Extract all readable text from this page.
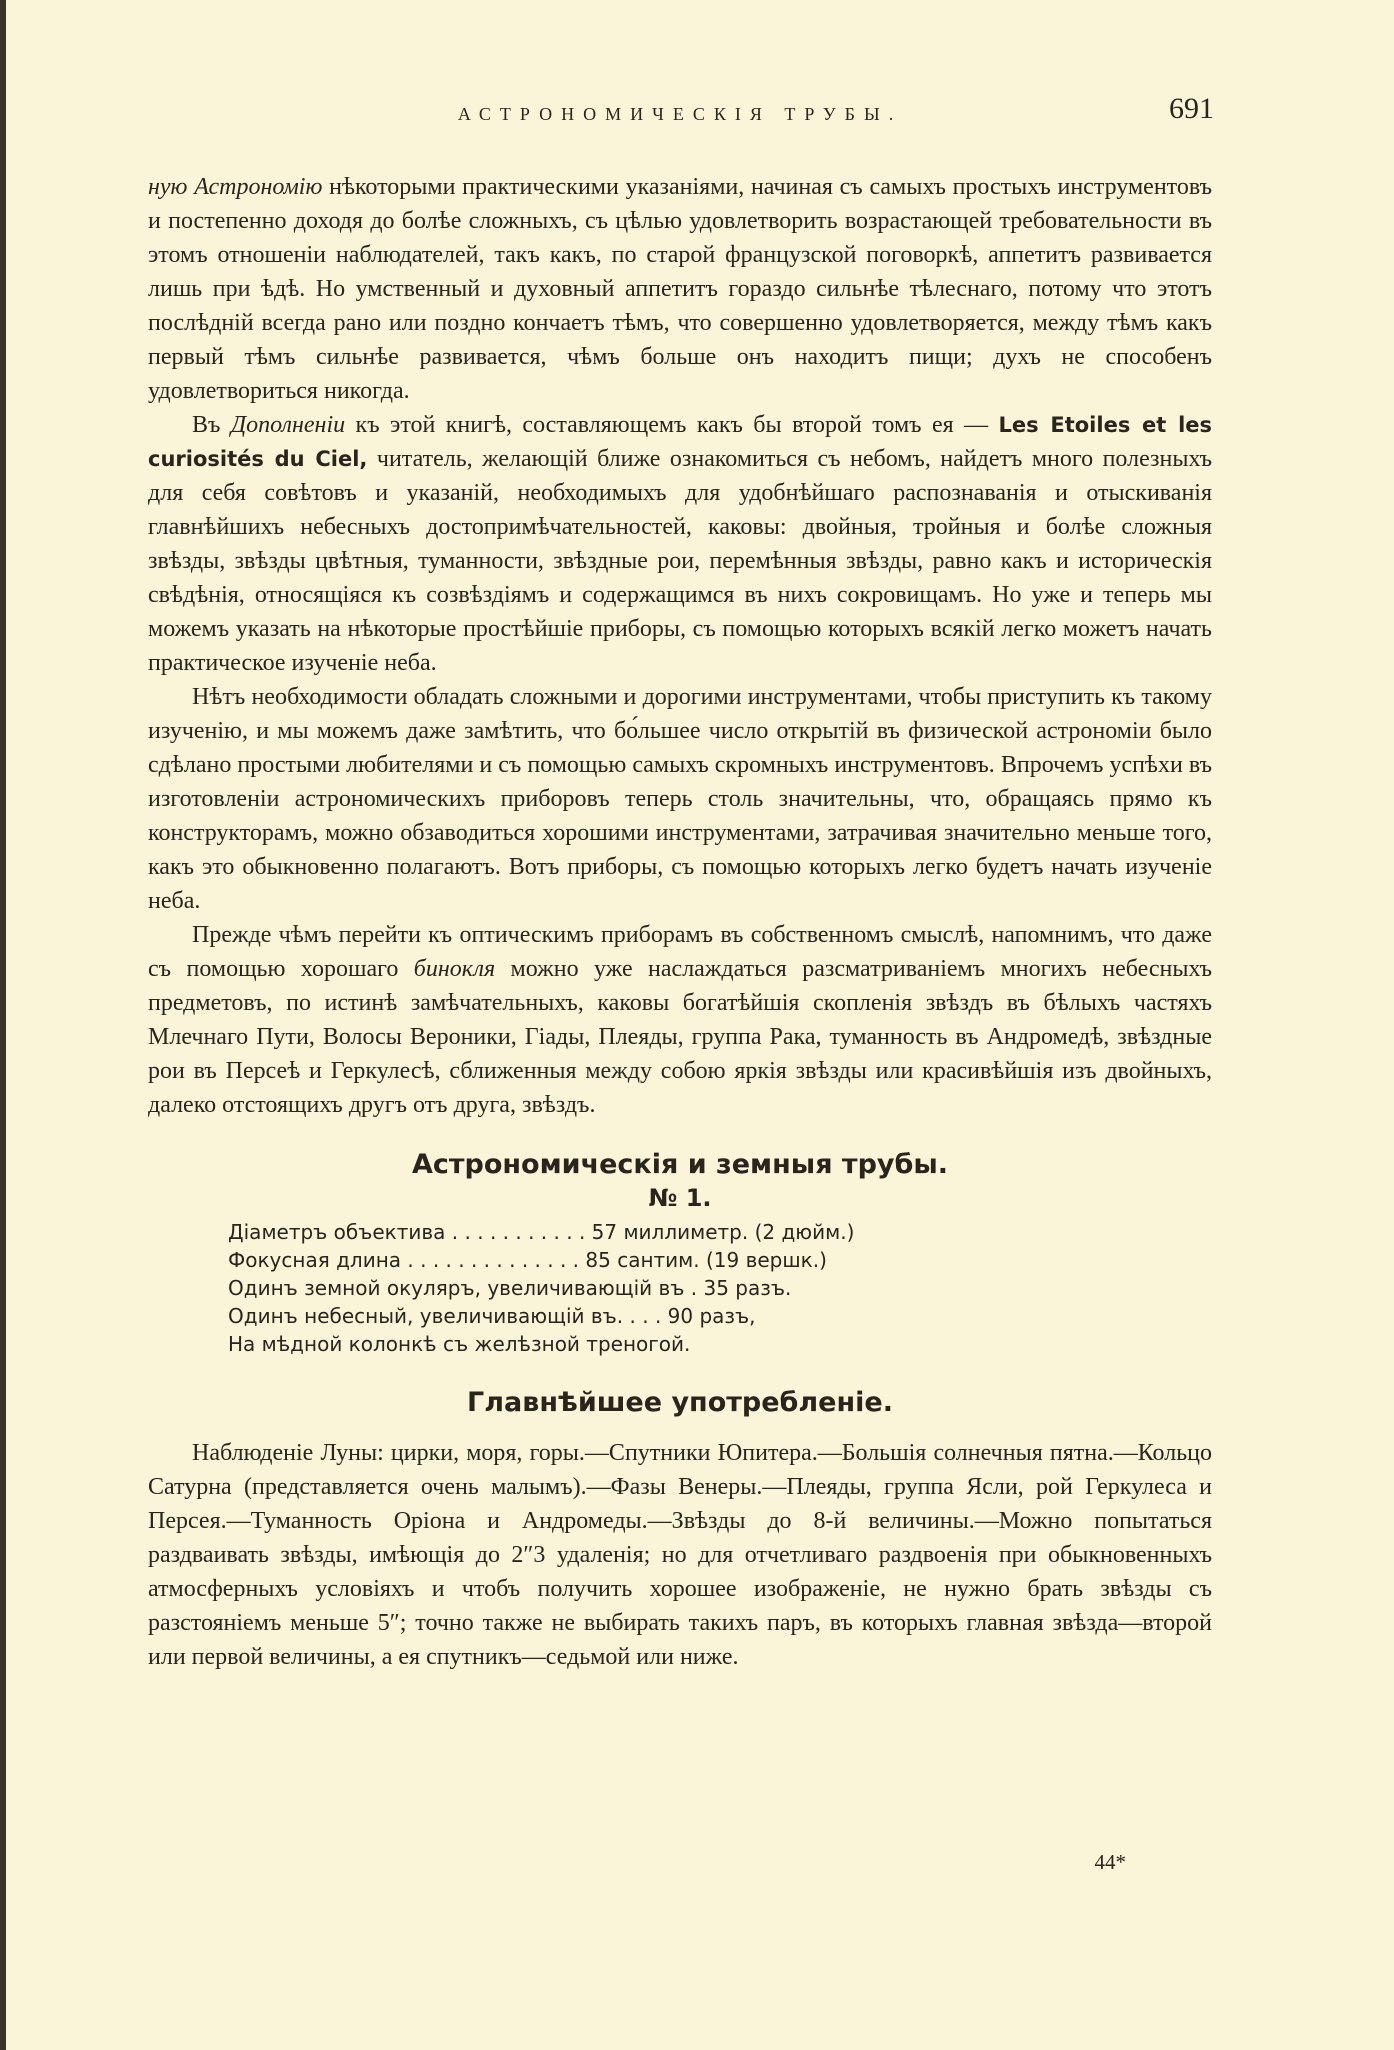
АСТРОНОМИЧЕСКІЯ ТРУБЫ.	691

ную Астрономію нѣкоторыми практическими указаніями, начиная съ самыхъ простыхъ инструментовъ и постепенно доходя до болѣе сложныхъ, съ цѣлью удовлетворить возрастающей требовательности въ этомъ отношеніи наблюдателей, такъ какъ, по старой французской поговоркѣ, аппетитъ развивается лишь при ѣдѣ. Но умственный и духовный аппетитъ гораздо сильнѣе тѣлеснаго, потому что этотъ послѣдній всегда рано или поздно кончаетъ тѣмъ, что совершенно удовлетворяется, между тѣмъ какъ первый тѣмъ сильнѣе развивается, чѣмъ больше онъ находитъ пищи; духъ не способенъ удовлетвориться никогда.

Въ Дополненіи къ этой книгѣ, составляющемъ какъ бы второй томъ ея — Les Etoiles et les curiosités du Ciel, читатель, желающій ближе ознакомиться съ небомъ, найдетъ много полезныхъ для себя совѣтовъ и указаній, необходимыхъ для удобнѣйшаго распознаванія и отыскиванія главнѣйшихъ небесныхъ достопримѣчательностей, каковы: двойныя, тройныя и болѣе сложныя звѣзды, звѣзды цвѣтныя, туманности, звѣздные рои, перемѣнныя звѣзды, равно какъ и историческія свѣдѣнія, относящіяся къ созвѣздіямъ и содержащимся въ нихъ сокровищамъ. Но уже и теперь мы можемъ указать на нѣкоторые простѣйшіе приборы, съ помощью которыхъ всякій легко можетъ начать практическое изученіе неба.

Нѣтъ необходимости обладать сложными и дорогими инструментами, чтобы приступить къ такому изученію, и мы можемъ даже замѣтить, что бо́льшее число открытій въ физической астрономіи было сдѣлано простыми любителями и съ помощью самыхъ скромныхъ инструментовъ. Впрочемъ успѣхи въ изготовленіи астрономическихъ приборовъ теперь столь значительны, что, обращаясь прямо къ конструкторамъ, можно обзаводиться хорошими инструментами, затрачивая значительно меньше того, какъ это обыкновенно полагаютъ. Вотъ приборы, съ помощью которыхъ легко будетъ начать изученіе неба.

Прежде чѣмъ перейти къ оптическимъ приборамъ въ собственномъ смыслѣ, напомнимъ, что даже съ помощью хорошаго бинокля можно уже наслаждаться разсматриваніемъ многихъ небесныхъ предметовъ, по истинѣ замѣчательныхъ, каковы богатѣйшія скопленія звѣздъ въ бѣлыхъ частяхъ Млечнаго Пути, Волосы Вероники, Гіады, Плеяды, группа Рака, туманность въ Андромедѣ, звѣздные рои въ Персеѣ и Геркулесѣ, сближенныя между собою яркія звѣзды или красивѣйшія изъ двойныхъ, далеко отстоящихъ другъ отъ друга, звѣздъ.

Астрономическія и земныя трубы.
№ 1.
Діаметръ объектива . . . . . . . . . . . 57 миллиметр. (2 дюйм.)
Фокусная длина . . . . . . . . . . . . . . 85 сантим. (19 вершк.)
Одинъ земной окуляръ, увеличивающій въ . 35 разъ.
Одинъ небесный, увеличивающій въ. . . . 90 разъ,
На мѣдной колонкѣ съ желѣзной треногой.
Главнѣйшее употребленіе.

Наблюденіе Луны: цирки, моря, горы.—Спутники Юпитера.—Большія солнечныя пятна.—Кольцо Сатурна (представляется очень малымъ).—Фазы Венеры.—Плеяды, группа Ясли, рой Геркулеса и Персея.—Туманность Оріона и Андромеды.—Звѣзды до 8-й величины.—Можно попытаться раздваивать звѣзды, имѣющія до 2″3 удаленія; но для отчетливаго раздвоенія при обыкновенныхъ атмосферныхъ условіяхъ и чтобъ получить хорошее изображеніе, не нужно брать звѣзды съ разстояніемъ меньше 5″; точно также не выбирать такихъ паръ, въ которыхъ главная звѣзда—второй или первой величины, а ея спутникъ—седьмой или ниже.

44*
